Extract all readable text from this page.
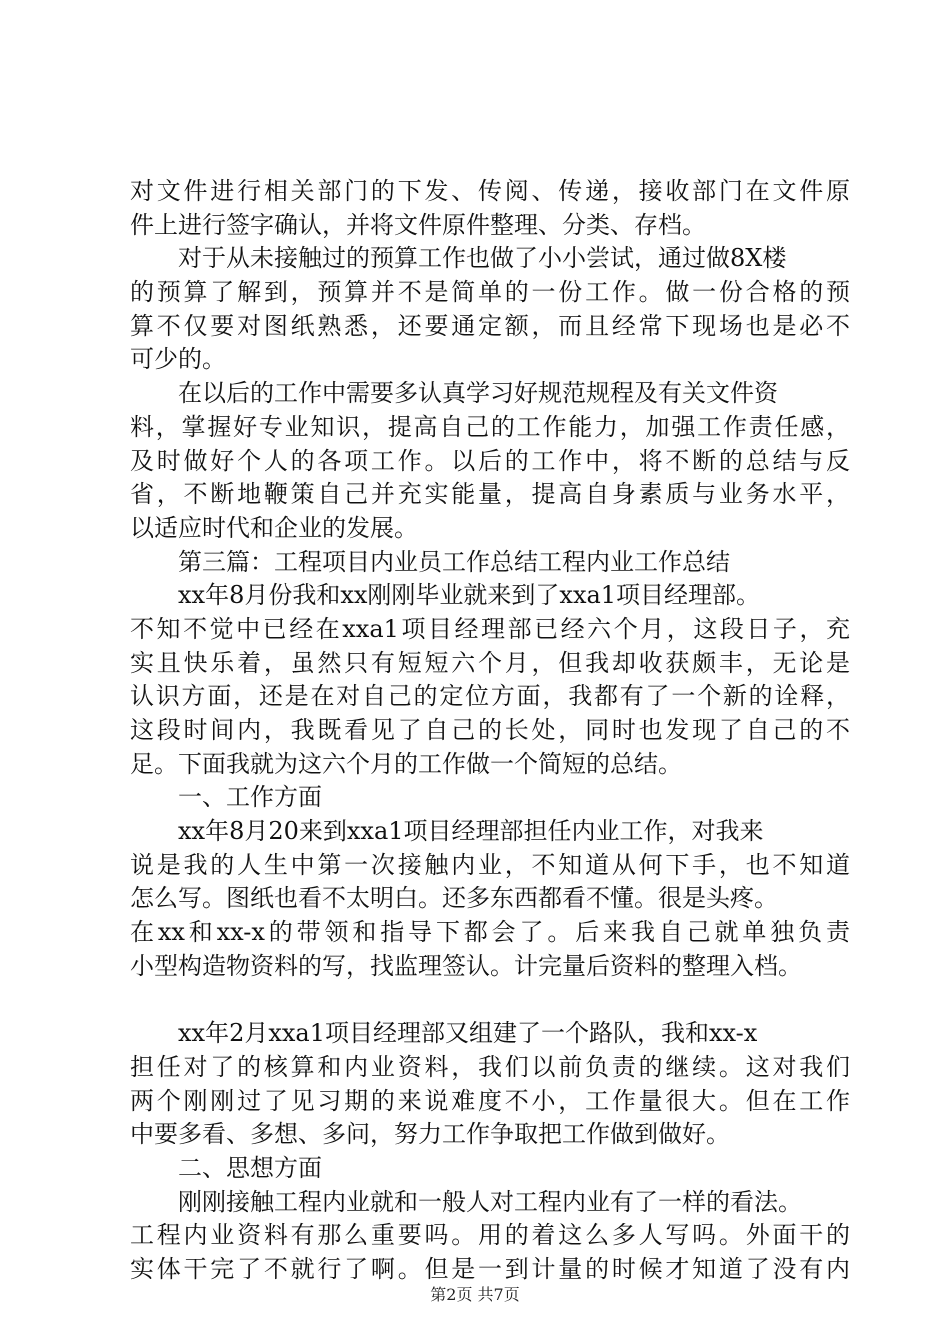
对文件进行相关部门的下发、传阅、传递，接收部门在文件原
件上进行签字确认，并将文件原件整理、分类、存档。
对于从未接触过的预算工作也做了小小尝试，通过做8X楼
的预算了解到，预算并不是简单的一份工作。做一份合格的预
算不仅要对图纸熟悉，还要通定额，而且经常下现场也是必不
可少的。
在以后的工作中需要多认真学习好规范规程及有关文件资
料，掌握好专业知识，提高自己的工作能力，加强工作责任感，
及时做好个人的各项工作。以后的工作中，将不断的总结与反
省，不断地鞭策自己并充实能量，提高自身素质与业务水平，
以适应时代和企业的发展。
第三篇：工程项目内业员工作总结工程内业工作总结
xx年8月份我和xx刚刚毕业就来到了xxa1项目经理部。
不知不觉中已经在xxa1项目经理部已经六个月，这段日子，充
实且快乐着，虽然只有短短六个月，但我却收获颇丰，无论是
认识方面，还是在对自己的定位方面，我都有了一个新的诠释，
这段时间内，我既看见了自己的长处，同时也发现了自己的不
足。下面我就为这六个月的工作做一个简短的总结。
一、工作方面
xx年8月20来到xxa1项目经理部担任内业工作，对我来
说是我的人生中第一次接触内业，不知道从何下手，也不知道
怎么写。图纸也看不太明白。还多东西都看不懂。很是头疼。
在xx和xx-x的带领和指导下都会了。后来我自己就单独负责
小型构造物资料的写，找监理签认。计完量后资料的整理入档。
xx年2月xxa1项目经理部又组建了一个路队，我和xx-x
担任对了的核算和内业资料，我们以前负责的继续。这对我们
两个刚刚过了见习期的来说难度不小，工作量很大。但在工作
中要多看、多想、多问，努力工作争取把工作做到做好。
二、思想方面
刚刚接触工程内业就和一般人对工程内业有了一样的看法。
工程内业资料有那么重要吗。用的着这么多人写吗。外面干的
实体干完了不就行了啊。但是一到计量的时候才知道了没有内
第2页 共7页
